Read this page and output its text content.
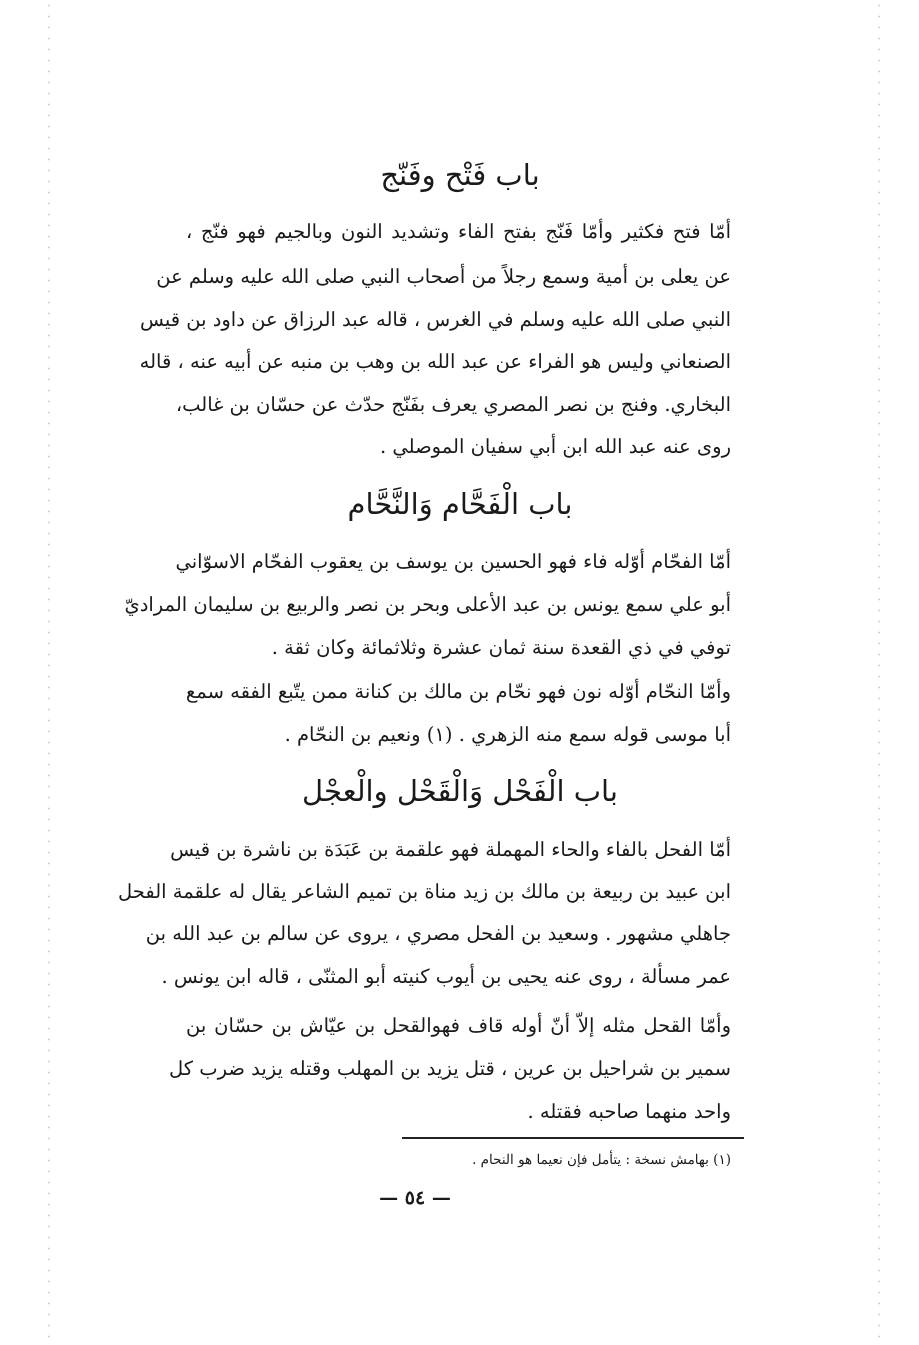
باب فَتْح وفَنّج
أمّا فتح فكثير وأمّا فَنّج بفتح الفاء وتشديد النون وبالجيم فهو فنّج ،
عن يعلى بن أمية وسمع رجلاً من أصحاب النبي صلى الله عليه وسلم عن
النبي صلى الله عليه وسلم في الغرس ، قاله عبد الرزاق عن داود بن قيس
الصنعاني وليس هو الفراء عن عبد الله بن وهب بن منبه عن أبيه عنه ، قاله
البخاري. وفنج بن نصر المصري يعرف بفَنّج حدّث عن حسّان بن غالب،
روى عنه عبد الله ابن أبي سفيان الموصلي .
باب الْفَحَّام وَالنَّحَّام
أمّا الفحّام أوّله فاء فهو الحسين بن يوسف بن يعقوب الفحّام الاسوّاني
أبو علي سمع يونس بن عبد الأعلى وبحر بن نصر والربيع بن سليمان المراديّ
توفي في ذي القعدة سنة ثمان عشرة وثلاثمائة وكان ثقة .
وأمّا النحّام أوّله نون فهو نحّام بن مالك بن كنانة ممن يتّبع الفقه سمع
أبا موسى قوله سمع منه الزهري . (١) ونعيم بن النحّام .
باب الْفَحْل وَالْقَحْل والْعجْل
أمّا الفحل بالفاء والحاء المهملة فهو علقمة بن عَبَدَة بن ناشرة بن قيس
ابن عبيد بن ربيعة بن مالك بن زيد مناة بن تميم الشاعر يقال له علقمة الفحل
جاهلي مشهور . وسعيد بن الفحل مصري ، يروى عن سالم بن عبد الله بن
عمر مسألة ، روى عنه يحيى بن أيوب كنيته أبو المثنّى ، قاله ابن يونس .
وأمّا القحل مثله إلاّ أنّ أوله قاف فهوالقحل بن عيّاش بن حسّان بن
سمير بن شراحيل بن عرين ، قتل يزيد بن المهلب وقتله يزيد ضرب كل
واحد منهما صاحبه فقتله .
(١) بهامش نسخة : يتأمل فإن نعيما هو النحام .
— ٥٤ —
